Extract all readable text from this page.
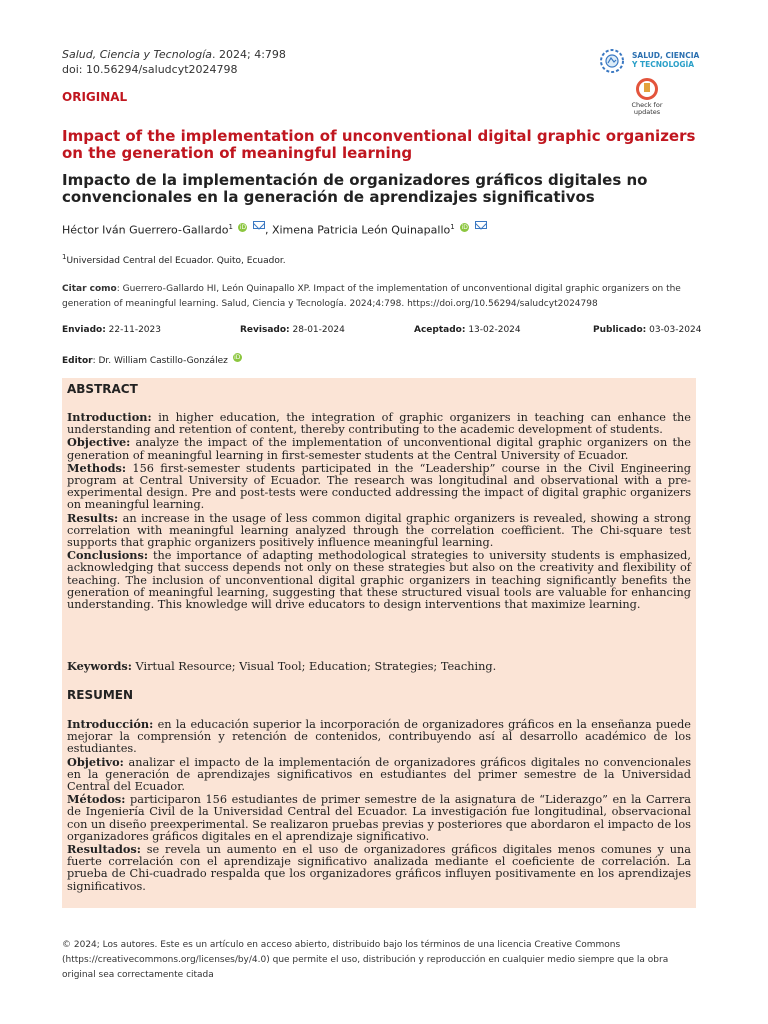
Salud, Ciencia y Tecnología. 2024; 4:798
doi: 10.56294/saludcyt2024798
SALUD, CIENCIA
Y TECNOLOGÍA
Check for
updates
ORIGINAL
Impact of the implementation of unconventional digital graphic organizers on the generation of meaningful learning
Impacto de la implementación de organizadores gráficos digitales no convencionales en la generación de aprendizajes significativos
Héctor Iván Guerrero-Gallardo$^1$ iD , Ximena Patricia León Quinapallo$^1$ iD
$^1$Universidad Central del Ecuador. Quito, Ecuador.
Citar como: Guerrero-Gallardo HI, León Quinapallo XP. Impact of the implementation of unconventional digital graphic organizers on the generation of meaningful learning. Salud, Ciencia y Tecnología. 2024;4:798. https://doi.org/10.56294/saludcyt2024798
Enviado: 22-11-2023	Revisado: 28-01-2024	Aceptado: 13-02-2024	Publicado: 03-03-2024
Editor: Dr. William Castillo-González iD
ABSTRACT

Introduction: in higher education, the integration of graphic organizers in teaching can enhance the understanding and retention of content, thereby contributing to the academic development of students.

Objective: analyze the impact of the implementation of unconventional digital graphic organizers on the generation of meaningful learning in first-semester students at the Central University of Ecuador.

Methods: 156 first-semester students participated in the “Leadership” course in the Civil Engineering program at Central University of Ecuador. The research was longitudinal and observational with a pre-experimental design. Pre and post-tests were conducted addressing the impact of digital graphic organizers on meaningful learning.

Results: an increase in the usage of less common digital graphic organizers is revealed, showing a strong correlation with meaningful learning analyzed through the correlation coefficient. The Chi-square test supports that graphic organizers positively influence meaningful learning.

Conclusions: the importance of adapting methodological strategies to university students is emphasized, acknowledging that success depends not only on these strategies but also on the creativity and flexibility of teaching. The inclusion of unconventional digital graphic organizers in teaching significantly benefits the generation of meaningful learning, suggesting that these structured visual tools are valuable for enhancing understanding. This knowledge will drive educators to design interventions that maximize learning.

Keywords: Virtual Resource; Visual Tool; Education; Strategies; Teaching.

RESUMEN

Introducción: en la educación superior la incorporación de organizadores gráficos en la enseñanza puede mejorar la comprensión y retención de contenidos, contribuyendo así al desarrollo académico de los estudiantes.

Objetivo: analizar el impacto de la implementación de organizadores gráficos digitales no convencionales en la generación de aprendizajes significativos en estudiantes del primer semestre de la Universidad Central del Ecuador.

Métodos: participaron 156 estudiantes de primer semestre de la asignatura de “Liderazgo” en la Carrera de Ingeniería Civil de la Universidad Central del Ecuador. La investigación fue longitudinal, observacional con un diseño preexperimental. Se realizaron pruebas previas y posteriores que abordaron el impacto de los organizadores gráficos digitales en el aprendizaje significativo.

Resultados: se revela un aumento en el uso de organizadores gráficos digitales menos comunes y una fuerte correlación con el aprendizaje significativo analizada mediante el coeficiente de correlación. La prueba de Chi-cuadrado respalda que los organizadores gráficos influyen positivamente en los aprendizajes significativos.

© 2024; Los autores. Este es un artículo en acceso abierto, distribuido bajo los términos de una licencia Creative Commons (https://creativecommons.org/licenses/by/4.0) que permite el uso, distribución y reproducción en cualquier medio siempre que la obra original sea correctamente citada
